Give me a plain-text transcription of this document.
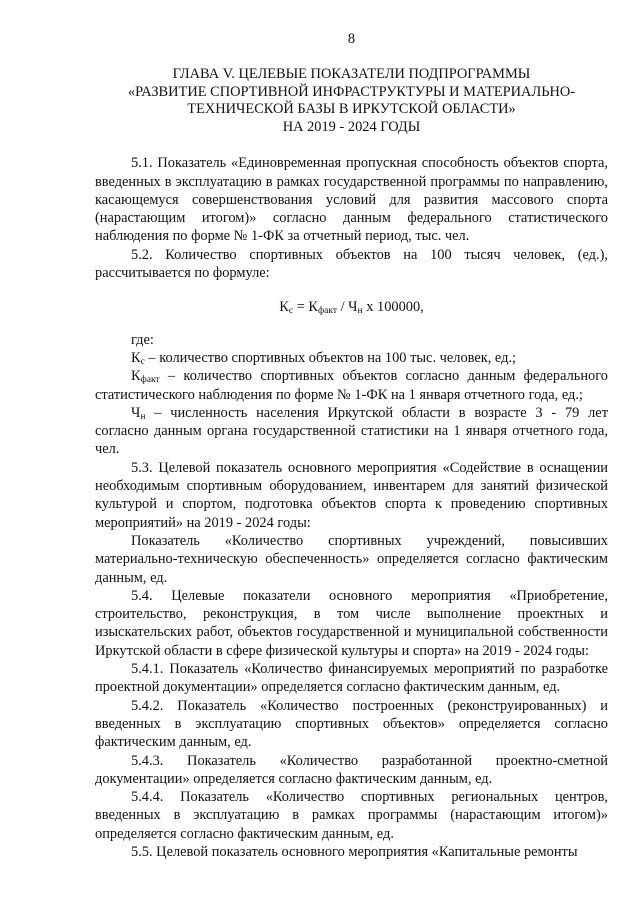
8
ГЛАВА V. ЦЕЛЕВЫЕ ПОКАЗАТЕЛИ ПОДПРОГРАММЫ
«РАЗВИТИЕ СПОРТИВНОЙ ИНФРАСТРУКТУРЫ И МАТЕРИАЛЬНО-
ТЕХНИЧЕСКОЙ БАЗЫ В ИРКУТСКОЙ ОБЛАСТИ»
НА 2019 - 2024 ГОДЫ

5.1. Показатель «Единовременная пропускная способность объектов спорта, введенных в эксплуатацию в рамках государственной программы по направлению, касающемуся совершенствования условий для развития массового спорта (нарастающим итогом)» согласно данным федерального статистического наблюдения по форме № 1-ФК за отчетный период, тыс. чел.

5.2. Количество спортивных объектов на 100 тысяч человек, (ед.), рассчитывается по формуле:

$К_с = К_{факт} / Ч_н$ х 100000,

где:

$К_с$ – количество спортивных объектов на 100 тыс. человек, ед.;

$К_{факт}$ – количество спортивных объектов согласно данным федерального статистического наблюдения по форме № 1-ФК на 1 января отчетного года, ед.;

$Ч_н$ – численность населения Иркутской области в возрасте 3 - 79 лет согласно данным органа государственной статистики на 1 января отчетного года, чел.

5.3. Целевой показатель основного мероприятия «Содействие в оснащении необходимым спортивным оборудованием, инвентарем для занятий физической культурой и спортом, подготовка объектов спорта к проведению спортивных мероприятий» на 2019 - 2024 годы:

Показатель «Количество спортивных учреждений, повысивших материально-техническую обеспеченность» определяется согласно фактическим данным, ед.

5.4. Целевые показатели основного мероприятия «Приобретение, строительство, реконструкция, в том числе выполнение проектных и изыскательских работ, объектов государственной и муниципальной собственности Иркутской области в сфере физической культуры и спорта» на 2019 - 2024 годы:

5.4.1. Показатель «Количество финансируемых мероприятий по разработке проектной документации» определяется согласно фактическим данным, ед.

5.4.2. Показатель «Количество построенных (реконструированных) и введенных в эксплуатацию спортивных объектов» определяется согласно фактическим данным, ед.

5.4.3. Показатель «Количество разработанной проектно-сметной документации» определяется согласно фактическим данным, ед.

5.4.4. Показатель «Количество спортивных региональных центров, введенных в эксплуатацию в рамках программы (нарастающим итогом)» определяется согласно фактическим данным, ед.

5.5. Целевой показатель основного мероприятия «Капитальные ремонты
